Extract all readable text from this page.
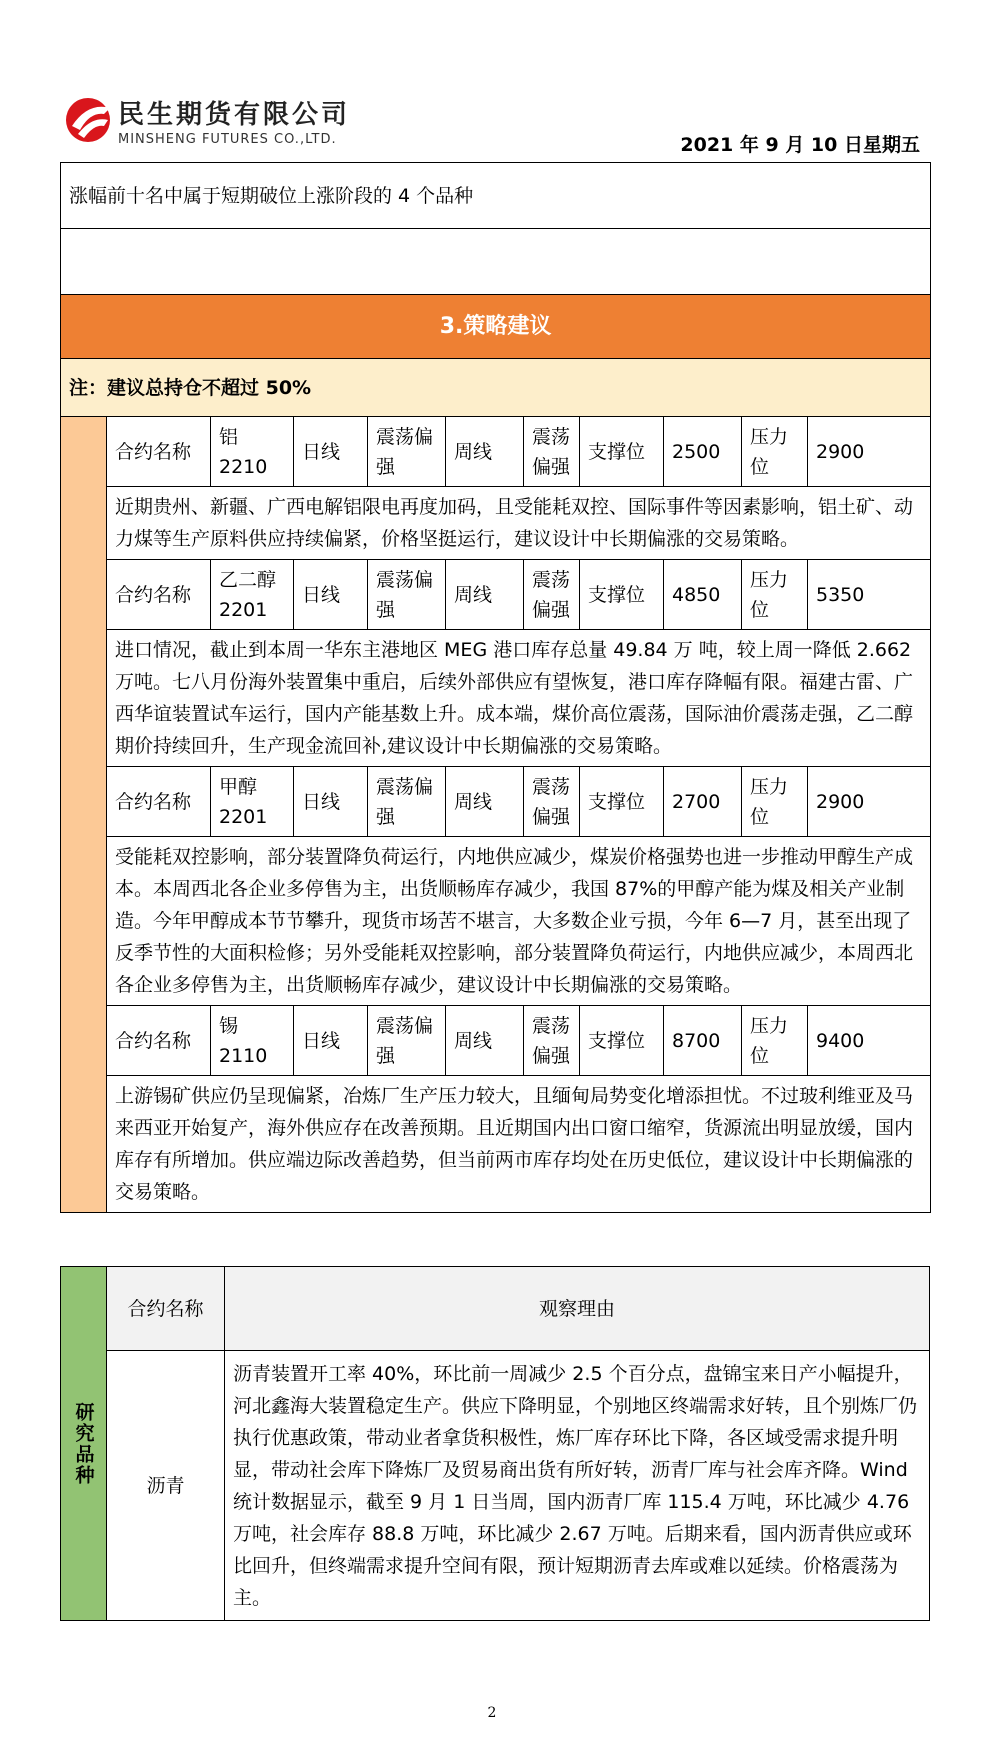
民生期货有限公司
MINSHENG FUTURES CO.,LTD.	2021 年 9 月 10 日星期五
涨幅前十名中属于短期破位上涨阶段的 4 个品种										

3.策略建议										
注：建议总持仓不超过 50%										
	合约名称	铝 2210	日线	震荡偏强	周线	震荡偏强	支撑位	2500	压力位	2900
	近期贵州、新疆、广西电解铝限电再度加码，且受能耗双控、国际事件等因素影响，铝土矿、动力煤等生产原料供应持续偏紧，价格坚挺运行，建议设计中长期偏涨的交易策略。									
	合约名称	乙二醇 2201	日线	震荡偏强	周线	震荡偏强	支撑位	4850	压力位	5350
	进口情况，截止到本周一华东主港地区 MEG 港口库存总量 49.84 万 吨，较上周一降低 2.662 万吨。七八月份海外装置集中重启，后续外部供应有望恢复，港口库存降幅有限。福建古雷、广西华谊装置试车运行，国内产能基数上升。成本端，煤价高位震荡，国际油价震荡走强，乙二醇期价持续回升，生产现金流回补,建议设计中长期偏涨的交易策略。									
	合约名称	甲醇 2201	日线	震荡偏强	周线	震荡偏强	支撑位	2700	压力位	2900
	受能耗双控影响，部分装置降负荷运行，内地供应减少，煤炭价格强势也进一步推动甲醇生产成本。本周西北各企业多停售为主，出货顺畅库存减少，我国 87%的甲醇产能为煤及相关产业制造。今年甲醇成本节节攀升，现货市场苦不堪言，大多数企业亏损，今年 6—7 月，甚至出现了反季节性的大面积检修；另外受能耗双控影响，部分装置降负荷运行，内地供应减少，本周西北各企业多停售为主，出货顺畅库存减少，建议设计中长期偏涨的交易策略。									
	合约名称	锡 2110	日线	震荡偏强	周线	震荡偏强	支撑位	8700	压力位	9400
	上游锡矿供应仍呈现偏紧，冶炼厂生产压力较大，且缅甸局势变化增添担忧。不过玻利维亚及马来西亚开始复产，海外供应存在改善预期。且近期国内出口窗口缩窄，货源流出明显放缓，国内库存有所增加。供应端边际改善趋势，但当前两市库存均处在历史低位，建议设计中长期偏涨的交易策略。									
研究品种	合约名称	观察理由
	沥青	沥青装置开工率 40%，环比前一周减少 2.5 个百分点，盘锦宝来日产小幅提升，河北鑫海大装置稳定生产。供应下降明显，个别地区终端需求好转，且个别炼厂仍执行优惠政策，带动业者拿货积极性，炼厂库存环比下降，各区域受需求提升明显，带动社会库下降炼厂及贸易商出货有所好转，沥青厂库与社会库齐降。Wind 统计数据显示，截至 9 月 1 日当周，国内沥青厂库 115.4 万吨，环比减少 4.76 万吨，社会库存 88.8 万吨，环比减少 2.67 万吨。后期来看，国内沥青供应或环比回升，但终端需求提升空间有限，预计短期沥青去库或难以延续。价格震荡为主。
2
